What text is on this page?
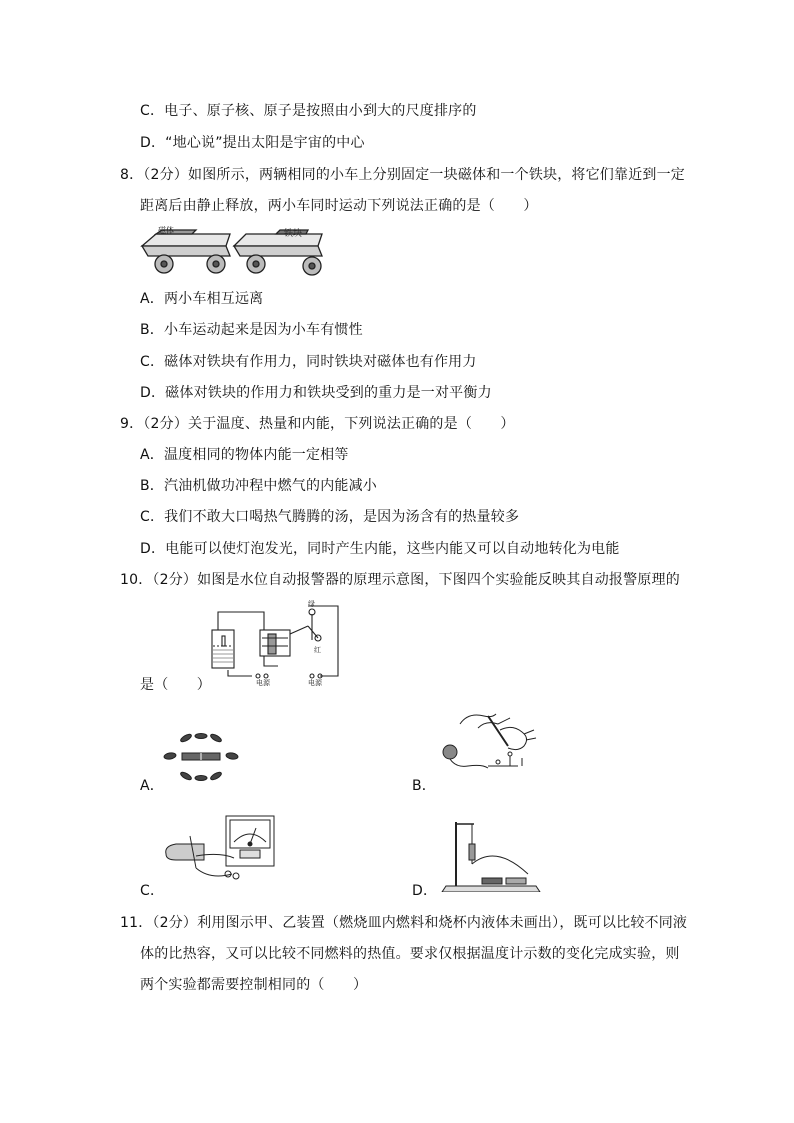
C．电子、原子核、原子是按照由小到大的尺度排序的
D．“地心说”提出太阳是宇宙的中心
8．（2分）如图所示，两辆相同的小车上分别固定一块磁体和一个铁块，将它们靠近到一定
距离后由静止释放，两小车同时运动下列说法正确的是（　　）
磁体	铁块
A．两小车相互远离
B．小车运动起来是因为小车有惯性
C．磁体对铁块有作用力，同时铁块对磁体也有作用力
D．磁体对铁块的作用力和铁块受到的重力是一对平衡力
9．（2分）关于温度、热量和内能，下列说法正确的是（　　）
A．温度相同的物体内能一定相等
B．汽油机做功冲程中燃气的内能减小
C．我们不敢大口喝热气腾腾的汤，是因为汤含有的热量较多
D．电能可以使灯泡发光，同时产生内能，这些内能又可以自动地转化为电能
10．（2分）如图是水位自动报警器的原理示意图，下图四个实验能反映其自动报警原理的
绿
红
电源	电源
是（　　）
A．	B．
C．	D．
11．（2分）利用图示甲、乙装置（燃烧皿内燃料和烧杯内液体未画出），既可以比较不同液
体的比热容，又可以比较不同燃料的热值。要求仅根据温度计示数的变化完成实验，则
两个实验都需要控制相同的（　　）
